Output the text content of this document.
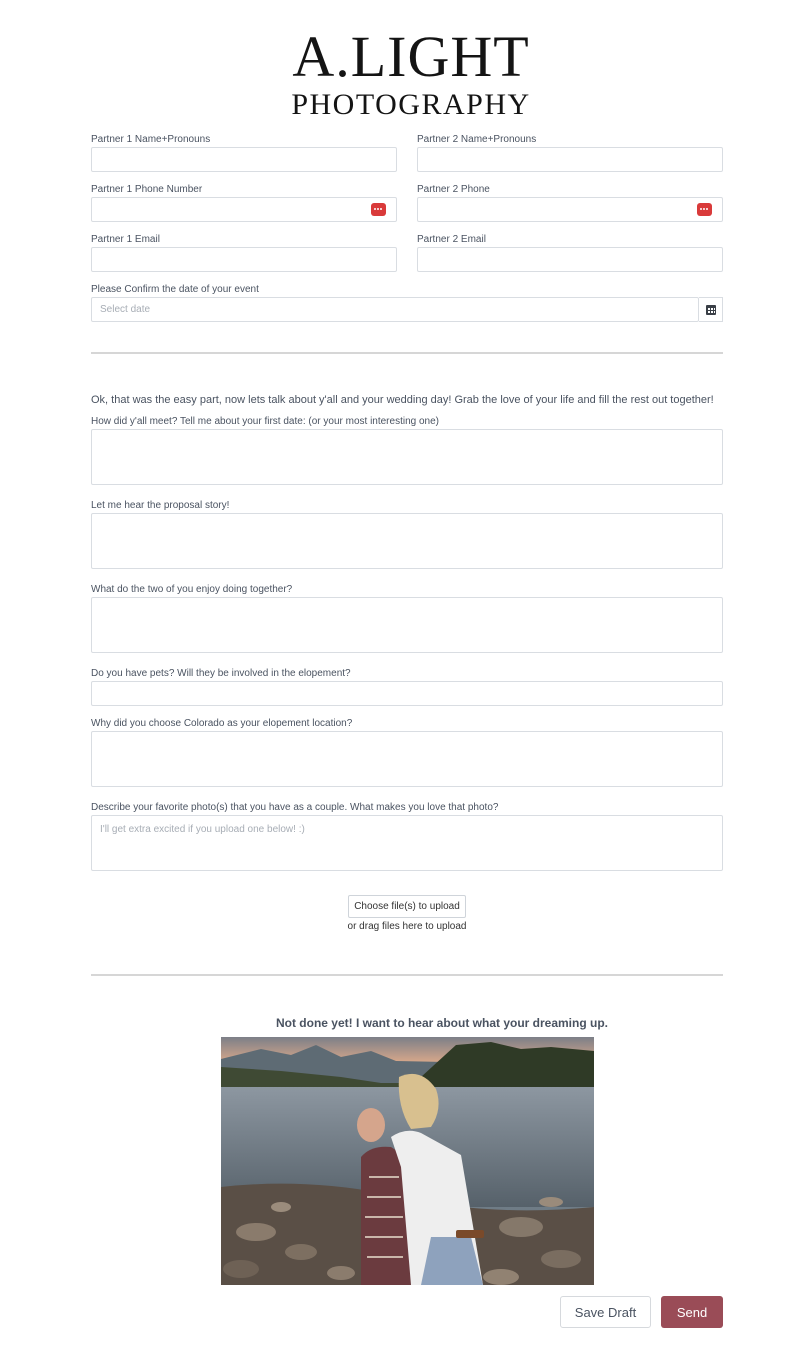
A.LIGHT
PHOTOGRAPHY
Partner 1 Name+Pronouns	Partner 2 Name+Pronouns
Partner 1 Phone Number	Partner 2 Phone
Partner 1 Email	Partner 2 Email
Please Confirm the date of your event
Select date
Ok, that was the easy part, now lets talk about y'all and your wedding day! Grab the love of your life and fill the rest out together!
How did y'all meet? Tell me about your first date: (or your most interesting one)
Let me hear the proposal story!
What do the two of you enjoy doing together?
Do you have pets? Will they be involved in the elopement?
Why did you choose Colorado as your elopement location?
Describe your favorite photo(s) that you have as a couple. What makes you love that photo?
I'll get extra excited if you upload one below! :)
Choose file(s) to upload
or drag files here to upload
Not done yet! I want to hear about what your dreaming up.
Save Draft	Send
